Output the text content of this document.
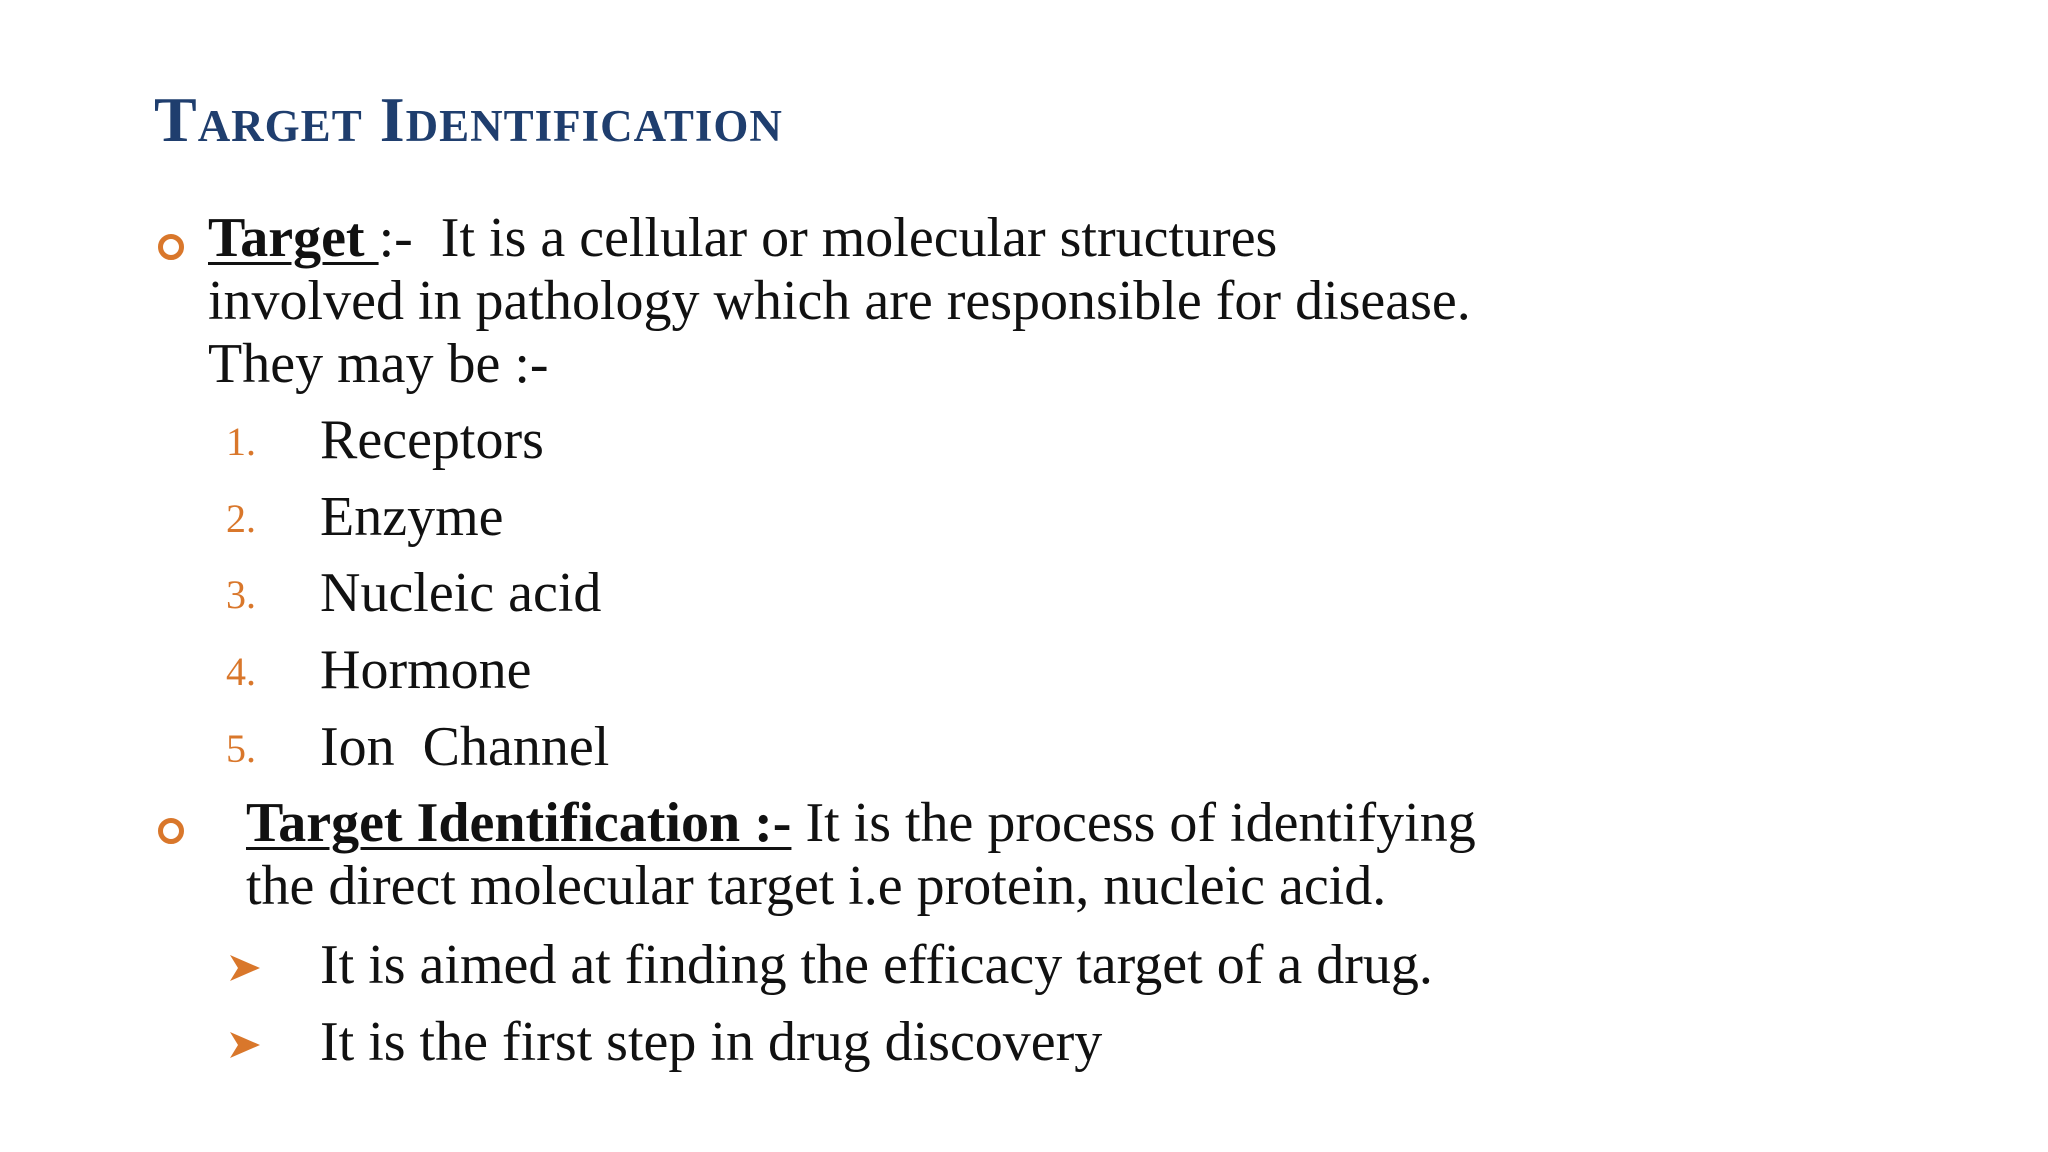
Target Identification
Target :-  It is a cellular or molecular structures
involved in pathology which are responsible for disease.
They may be :-
1. Receptors
2. Enzyme
3. Nucleic acid
4. Hormone
5. Ion  Channel
Target Identification :- It is the process of identifying
the direct molecular target i.e protein, nucleic acid.
It is aimed at finding the efficacy target of a drug.
It is the first step in drug discovery
